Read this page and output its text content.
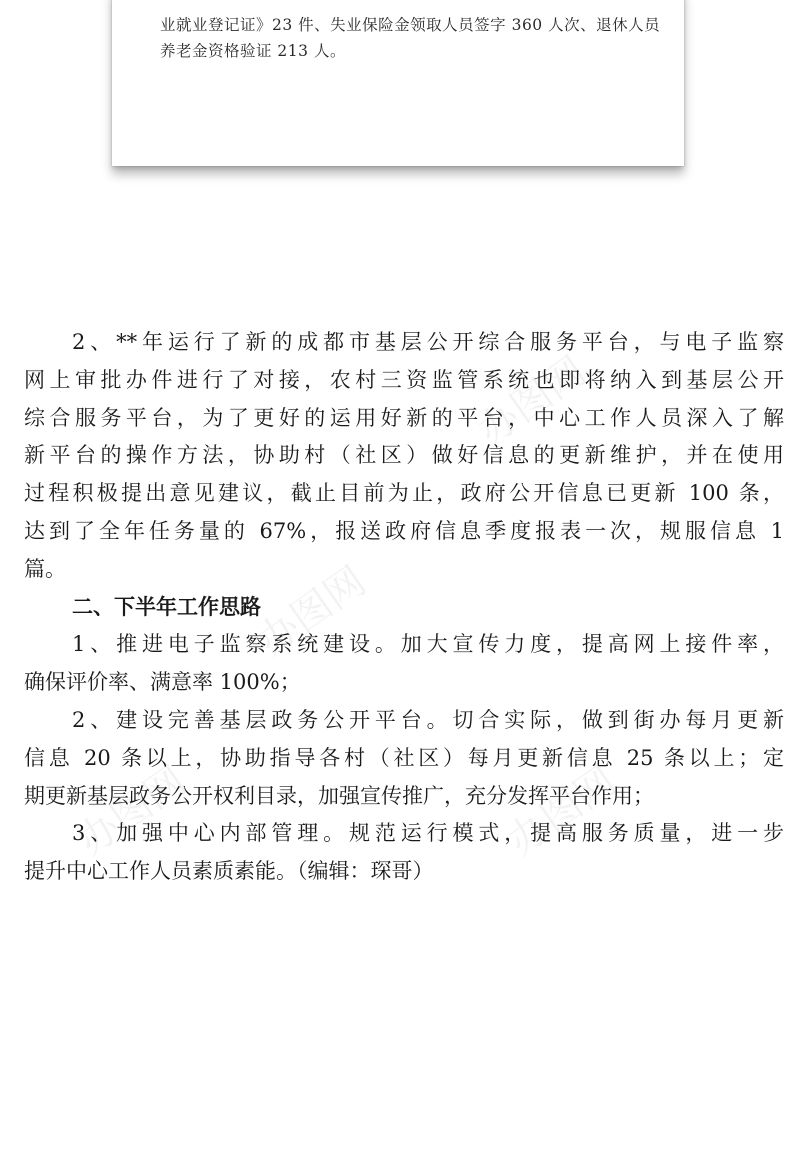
业就业登记证》23 件、失业保险金领取人员签字 360 人次、退休人员
养老金资格验证 213 人。
办图网
办图网
办图网	办图网
2、**年运行了新的成都市基层公开综合服务平台，与电子监察
网上审批办件进行了对接，农村三资监管系统也即将纳入到基层公开
综合服务平台，为了更好的运用好新的平台，中心工作人员深入了解
新平台的操作方法，协助村（社区）做好信息的更新维护，并在使用
过程积极提出意见建议，截止目前为止，政府公开信息已更新 100 条，
达到了全年任务量的 67%，报送政府信息季度报表一次，规服信息 1
篇。
二、下半年工作思路
1、推进电子监察系统建设。加大宣传力度，提高网上接件率，
确保评价率、满意率 100%；
2、建设完善基层政务公开平台。切合实际，做到街办每月更新
信息 20 条以上，协助指导各村（社区）每月更新信息 25 条以上；定
期更新基层政务公开权利目录，加强宣传推广，充分发挥平台作用；
3、加强中心内部管理。规范运行模式，提高服务质量，进一步
提升中心工作人员素质素能。（编辑：琛哥）
